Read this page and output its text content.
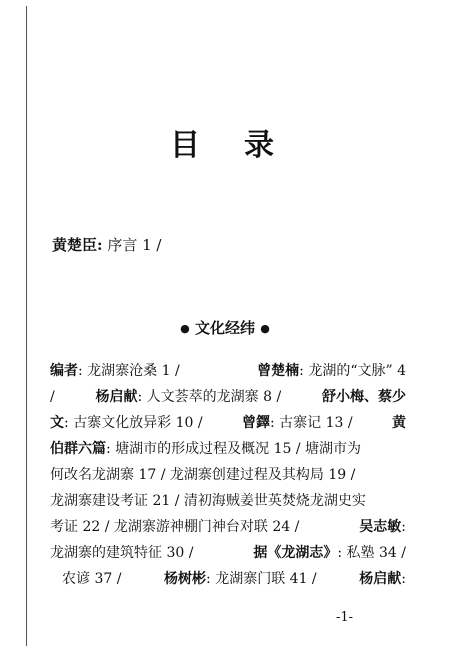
目 录
黄楚臣: 序言 1 /
● 文化经纬 ●
编者: 龙湖寨沧桑 1 /	曾楚楠: 龙湖的“文脉” 4
/	杨启献: 人文荟萃的龙湖寨 8 /	舒小梅、蔡少
文: 古寨文化放异彩 10 /	曾鐸: 古寨记 13 /	黄
伯群六篇: 塘湖市的形成过程及概况 15 / 塘湖市为
何改名龙湖寨 17 / 龙湖寨创建过程及其构局 19 /
龙湖寨建设考证 21 / 清初海贼姜世英焚烧龙湖史实
考证 22 / 龙湖寨游神棚门神台对联 24 /	吴志敏:
龙湖寨的建筑特征 30 /	据《龙湖志》: 私塾 34 /
农谚 37 /	杨树彬: 龙湖寨门联 41 /	杨启献:
-1-
